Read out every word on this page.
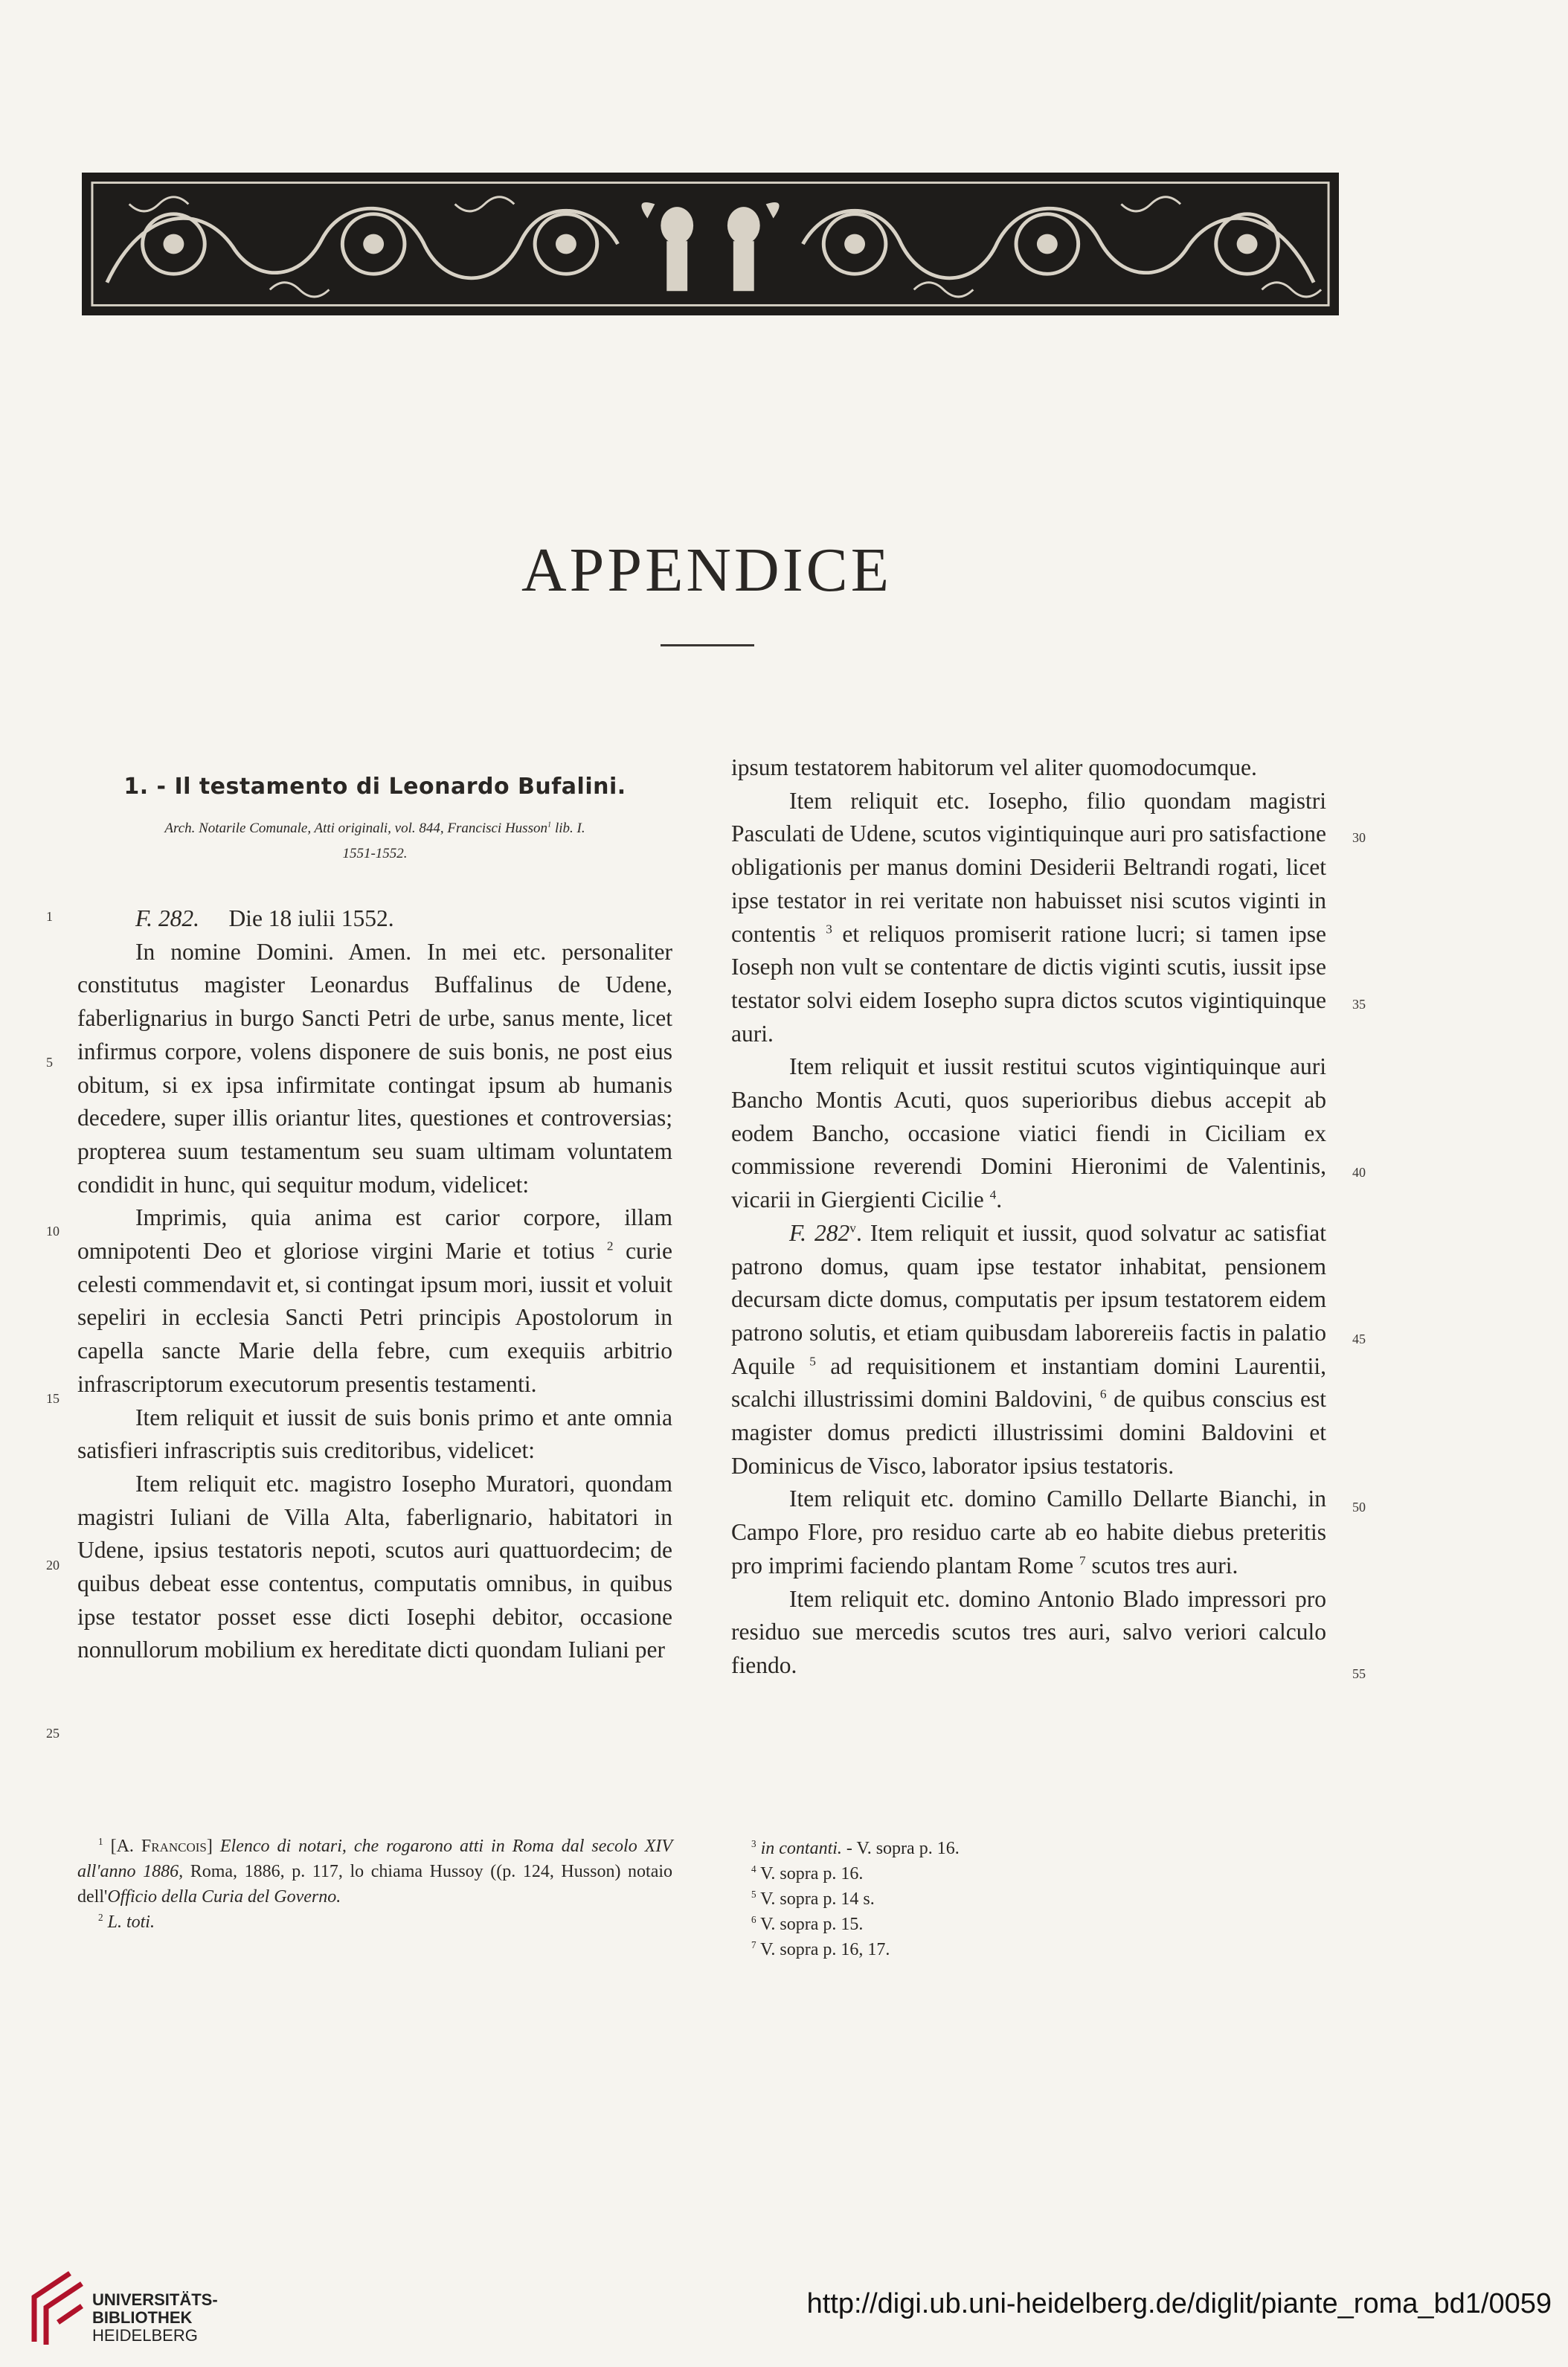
APPENDICE
1. - Il testamento di Leonardo Bufalini.
Arch. Notarile Comunale, Atti originali, vol. 844, Francisci Husson$^1$ lib. I.
1551-1552.

F. 282. Die 18 iulii 1552.

In nomine Domini. Amen. In mei etc. personaliter constitutus magister Leonardus Buffalinus de Udene, faberlignarius in burgo Sancti Petri de urbe, sanus mente, licet infirmus corpore, volens disponere de suis bonis, ne post eius obitum, si ex ipsa infirmitate contingat ipsum ab humanis decedere, super illis oriantur lites, questiones et controversias; propterea suum testamentum seu suam ultimam voluntatem condidit in hunc, qui sequitur modum, videlicet:

Imprimis, quia anima est carior corpore, illam omnipotenti Deo et gloriose virgini Marie et totius $^2$ curie celesti commendavit et, si contingat ipsum mori, iussit et voluit sepeliri in ecclesia Sancti Petri principis Apostolorum in capella sancte Marie della febre, cum exequiis arbitrio infrascriptorum executorum presentis testamenti.

Item reliquit et iussit de suis bonis primo et ante omnia satisfieri infrascriptis suis creditoribus, videlicet:

Item reliquit etc. magistro Iosepho Muratori, quondam magistri Iuliani de Villa Alta, faberlignario, habitatori in Udene, ipsius testatoris nepoti, scutos auri quattuordecim; de quibus debeat esse contentus, computatis omnibus, in quibus ipse testator posset esse dicti Iosephi debitor, occasione nonnullorum mobilium ex hereditate dicti quondam Iuliani per

1
5
10
15
20
25

ipsum testatorem habitorum vel aliter quomodocumque.

Item reliquit etc. Iosepho, filio quondam magistri Pasculati de Udene, scutos vigintiquinque auri pro satisfactione obligationis per manus domini Desiderii Beltrandi rogati, licet ipse testator in rei veritate non habuisset nisi scutos viginti in contentis $^3$ et reliquos promiserit ratione lucri; si tamen ipse Ioseph non vult se contentare de dictis viginti scutis, iussit ipse testator solvi eidem Iosepho supra dictos scutos vigintiquinque auri.

Item reliquit et iussit restitui scutos vigintiquinque auri Bancho Montis Acuti, quos superioribus diebus accepit ab eodem Bancho, occasione viatici fiendi in Ciciliam ex commissione reverendi Domini Hieronimi de Valentinis, vicarii in Giergienti Cicilie $^4$.

F. 282$^v$. Item reliquit et iussit, quod solvatur ac satisfiat patrono domus, quam ipse testator inhabitat, pensionem decursam dicte domus, computatis per ipsum testatorem eidem patrono solutis, et etiam quibusdam laborereiis factis in palatio Aquile $^5$ ad requisitionem et instantiam domini Laurentii, scalchi illustrissimi domini Baldovini, $^6$ de quibus conscius est magister domus predicti illustrissimi domini Baldovini et Dominicus de Visco, laborator ipsius testatoris.

Item reliquit etc. domino Camillo Dellarte Bianchi, in Campo Flore, pro residuo carte ab eo habite diebus preteritis pro imprimi faciendo plantam Rome $^7$ scutos tres auri.

Item reliquit etc. domino Antonio Blado impressori pro residuo sue mercedis scutos tres auri, salvo veriori calculo fiendo.

30
35
40
45
50
55

$^1$ [A. Francois] Elenco di notari, che rogarono atti in Roma dal secolo XIV all'anno 1886, Roma, 1886, p. 117, lo chiama Hussoy ((p. 124, Husson) notaio dell'Officio della Curia del Governo.

$^2$ L. toti.

$^3$ in contanti. - V. sopra p. 16.

$^4$ V. sopra p. 16.

$^5$ V. sopra p. 14 s.

$^6$ V. sopra p. 15.

$^7$ V. sopra p. 16, 17.

UNIVERSITÄTS-
BIBLIOTHEK
HEIDELBERG
http://digi.ub.uni-heidelberg.de/diglit/piante_roma_bd1/0059
